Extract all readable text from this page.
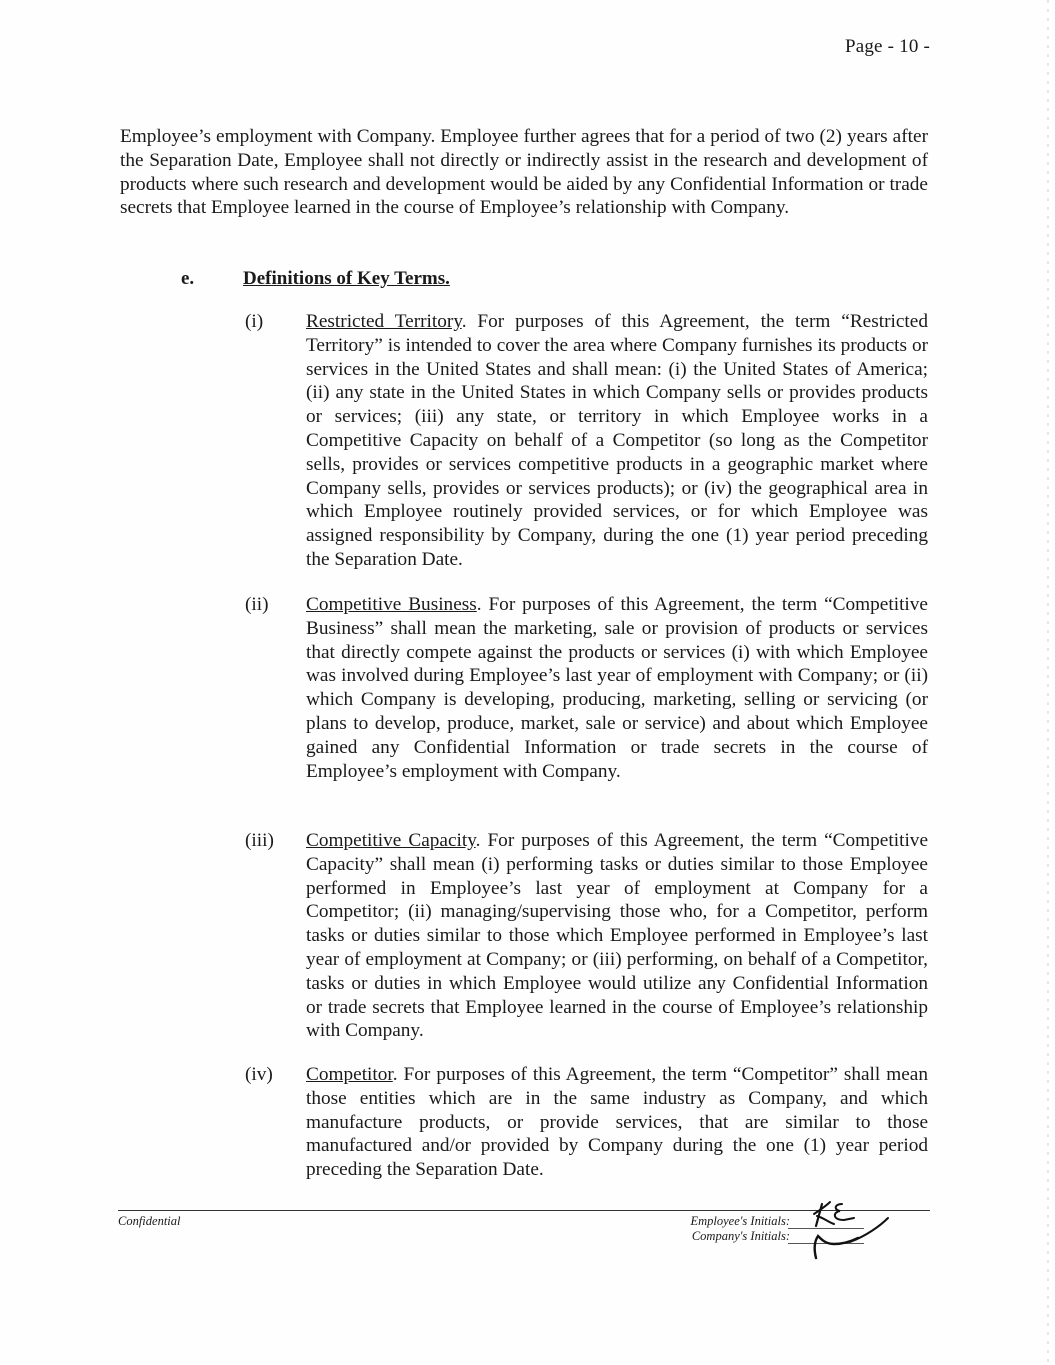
Page - 10 -

Employee’s employment with Company. Employee further agrees that for a period of two (2) years after the Separation Date, Employee shall not directly or indirectly assist in the research and development of products where such research and development would be aided by any Confidential Information or trade secrets that Employee learned in the course of Employee’s relationship with Company.

e.	Definitions of Key Terms.
(i) Restricted Territory. For purposes of this Agreement, the term “Restricted Territory” is intended to cover the area where Company furnishes its products or services in the United States and shall mean: (i) the United States of America; (ii) any state in the United States in which Company sells or provides products or services; (iii) any state, or territory in which Employee works in a Competitive Capacity on behalf of a Competitor (so long as the Competitor sells, provides or services competitive products in a geographic market where Company sells, provides or services products); or (iv) the geographical area in which Employee routinely provided services, or for which Employee was assigned responsibility by Company, during the one (1) year period preceding the Separation Date.

(ii) Competitive Business. For purposes of this Agreement, the term “Competitive Business” shall mean the marketing, sale or provision of products or services that directly compete against the products or services (i) with which Employee was involved during Employee’s last year of employment with Company; or (ii) which Company is developing, producing, marketing, selling or servicing (or plans to develop, produce, market, sale or service) and about which Employee gained any Confidential Information or trade secrets in the course of Employee’s employment with Company.

(iii) Competitive Capacity. For purposes of this Agreement, the term “Competitive Capacity” shall mean (i) performing tasks or duties similar to those Employee performed in Employee’s last year of employment at Company for a Competitor; (ii) managing/supervising those who, for a Competitor, perform tasks or duties similar to those which Employee performed in Employee’s last year of employment at Company; or (iii) performing, on behalf of a Competitor, tasks or duties in which Employee would utilize any Confidential Information or trade secrets that Employee learned in the course of Employee’s relationship with Company.

(iv) Competitor. For purposes of this Agreement, the term “Competitor” shall mean those entities which are in the same industry as Company, and which manufacture products, or provide services, that are similar to those manufactured and/or provided by Company during the one (1) year period preceding the Separation Date.

Confidential	Employee's Initials:
Company's Initials:
